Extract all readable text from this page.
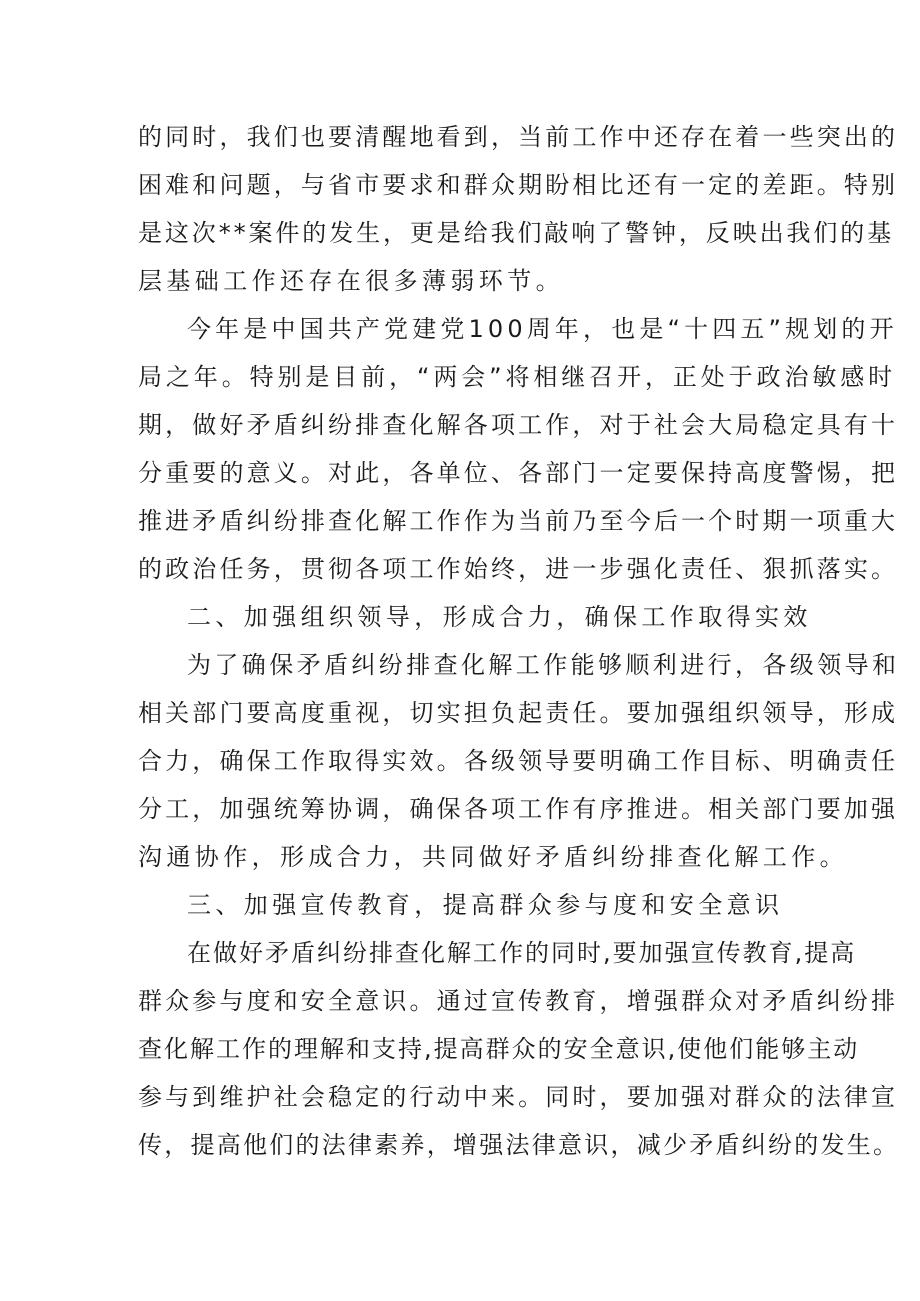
的同时，我们也要清醒地看到，当前工作中还存在着一些突出的
困难和问题，与省市要求和群众期盼相比还有一定的差距。特别
是这次**案件的发生，更是给我们敲响了警钟，反映出我们的基
层基础工作还存在很多薄弱环节。
今年是中国共产党建党100周年，也是“十四五”规划的开
局之年。特别是目前，“两会”将相继召开，正处于政治敏感时
期，做好矛盾纠纷排查化解各项工作，对于社会大局稳定具有十
分重要的意义。对此，各单位、各部门一定要保持高度警惕，把
推进矛盾纠纷排查化解工作作为当前乃至今后一个时期一项重大
的政治任务，贯彻各项工作始终，进一步强化责任、狠抓落实。
二、加强组织领导，形成合力，确保工作取得实效
为了确保矛盾纠纷排查化解工作能够顺利进行，各级领导和
相关部门要高度重视，切实担负起责任。要加强组织领导，形成
合力，确保工作取得实效。各级领导要明确工作目标、明确责任
分工，加强统筹协调，确保各项工作有序推进。相关部门要加强
沟通协作，形成合力，共同做好矛盾纠纷排查化解工作。
三、加强宣传教育，提高群众参与度和安全意识
在做好矛盾纠纷排查化解工作的同时,要加强宣传教育,提高
群众参与度和安全意识。通过宣传教育，增强群众对矛盾纠纷排
查化解工作的理解和支持,提高群众的安全意识,使他们能够主动
参与到维护社会稳定的行动中来。同时，要加强对群众的法律宣
传，提高他们的法律素养，增强法律意识，减少矛盾纠纷的发生。
